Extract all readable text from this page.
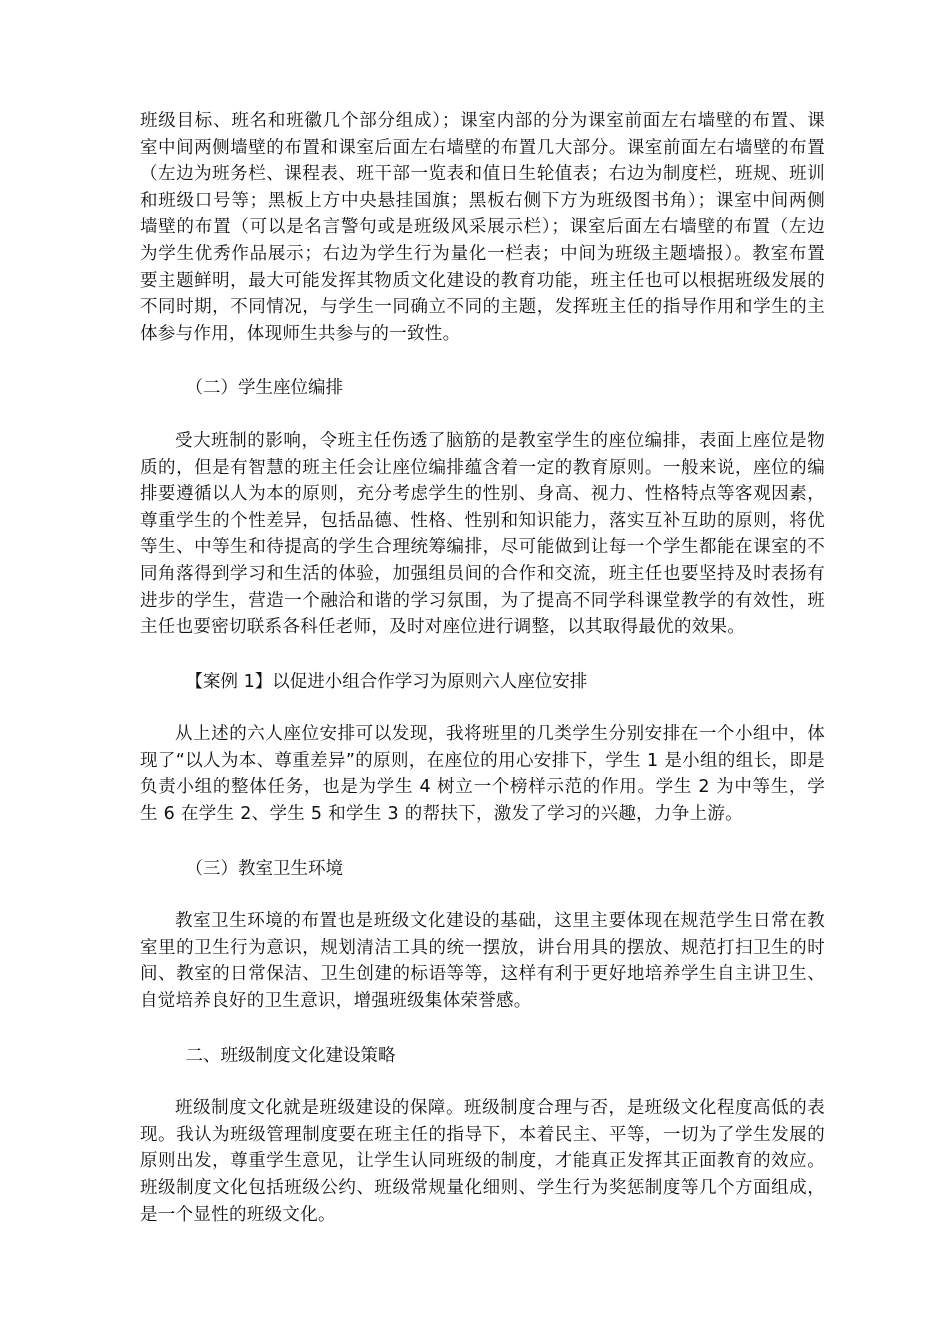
班级目标、班名和班徽几个部分组成）；课室内部的分为课室前面左右墙壁的布置、课室中间两侧墙壁的布置和课室后面左右墙壁的布置几大部分。课室前面左右墙壁的布置（左边为班务栏、课程表、班干部一览表和值日生轮值表；右边为制度栏，班规、班训和班级口号等；黑板上方中央悬挂国旗；黑板右侧下方为班级图书角）；课室中间两侧墙壁的布置（可以是名言警句或是班级风采展示栏）；课室后面左右墙壁的布置（左边为学生优秀作品展示；右边为学生行为量化一栏表；中间为班级主题墙报）。教室布置要主题鲜明，最大可能发挥其物质文化建设的教育功能，班主任也可以根据班级发展的不同时期，不同情况，与学生一同确立不同的主题，发挥班主任的指导作用和学生的主体参与作用，体现师生共参与的一致性。

（二）学生座位编排

受大班制的影响，令班主任伤透了脑筋的是教室学生的座位编排，表面上座位是物质的，但是有智慧的班主任会让座位编排蕴含着一定的教育原则。一般来说，座位的编排要遵循以人为本的原则，充分考虑学生的性别、身高、视力、性格特点等客观因素，尊重学生的个性差异，包括品德、性格、性别和知识能力，落实互补互助的原则，将优等生、中等生和待提高的学生合理统筹编排，尽可能做到让每一个学生都能在课室的不同角落得到学习和生活的体验，加强组员间的合作和交流，班主任也要坚持及时表扬有进步的学生，营造一个融洽和谐的学习氛围，为了提高不同学科课堂教学的有效性，班主任也要密切联系各科任老师，及时对座位进行调整，以其取得最优的效果。

【案例 1】以促进小组合作学习为原则六人座位安排

从上述的六人座位安排可以发现，我将班里的几类学生分别安排在一个小组中，体现了“以人为本、尊重差异”的原则，在座位的用心安排下，学生 1 是小组的组长，即是负责小组的整体任务，也是为学生 4 树立一个榜样示范的作用。学生 2 为中等生，学生 6 在学生 2、学生 5 和学生 3 的帮扶下，激发了学习的兴趣，力争上游。

（三）教室卫生环境

教室卫生环境的布置也是班级文化建设的基础，这里主要体现在规范学生日常在教室里的卫生行为意识，规划清洁工具的统一摆放，讲台用具的摆放、规范打扫卫生的时间、教室的日常保洁、卫生创建的标语等等，这样有利于更好地培养学生自主讲卫生、自觉培养良好的卫生意识，增强班级集体荣誉感。

二、班级制度文化建设策略

班级制度文化就是班级建设的保障。班级制度合理与否，是班级文化程度高低的表现。我认为班级管理制度要在班主任的指导下，本着民主、平等，一切为了学生发展的原则出发，尊重学生意见，让学生认同班级的制度，才能真正发挥其正面教育的效应。班级制度文化包括班级公约、班级常规量化细则、学生行为奖惩制度等几个方面组成，是一个显性的班级文化。
